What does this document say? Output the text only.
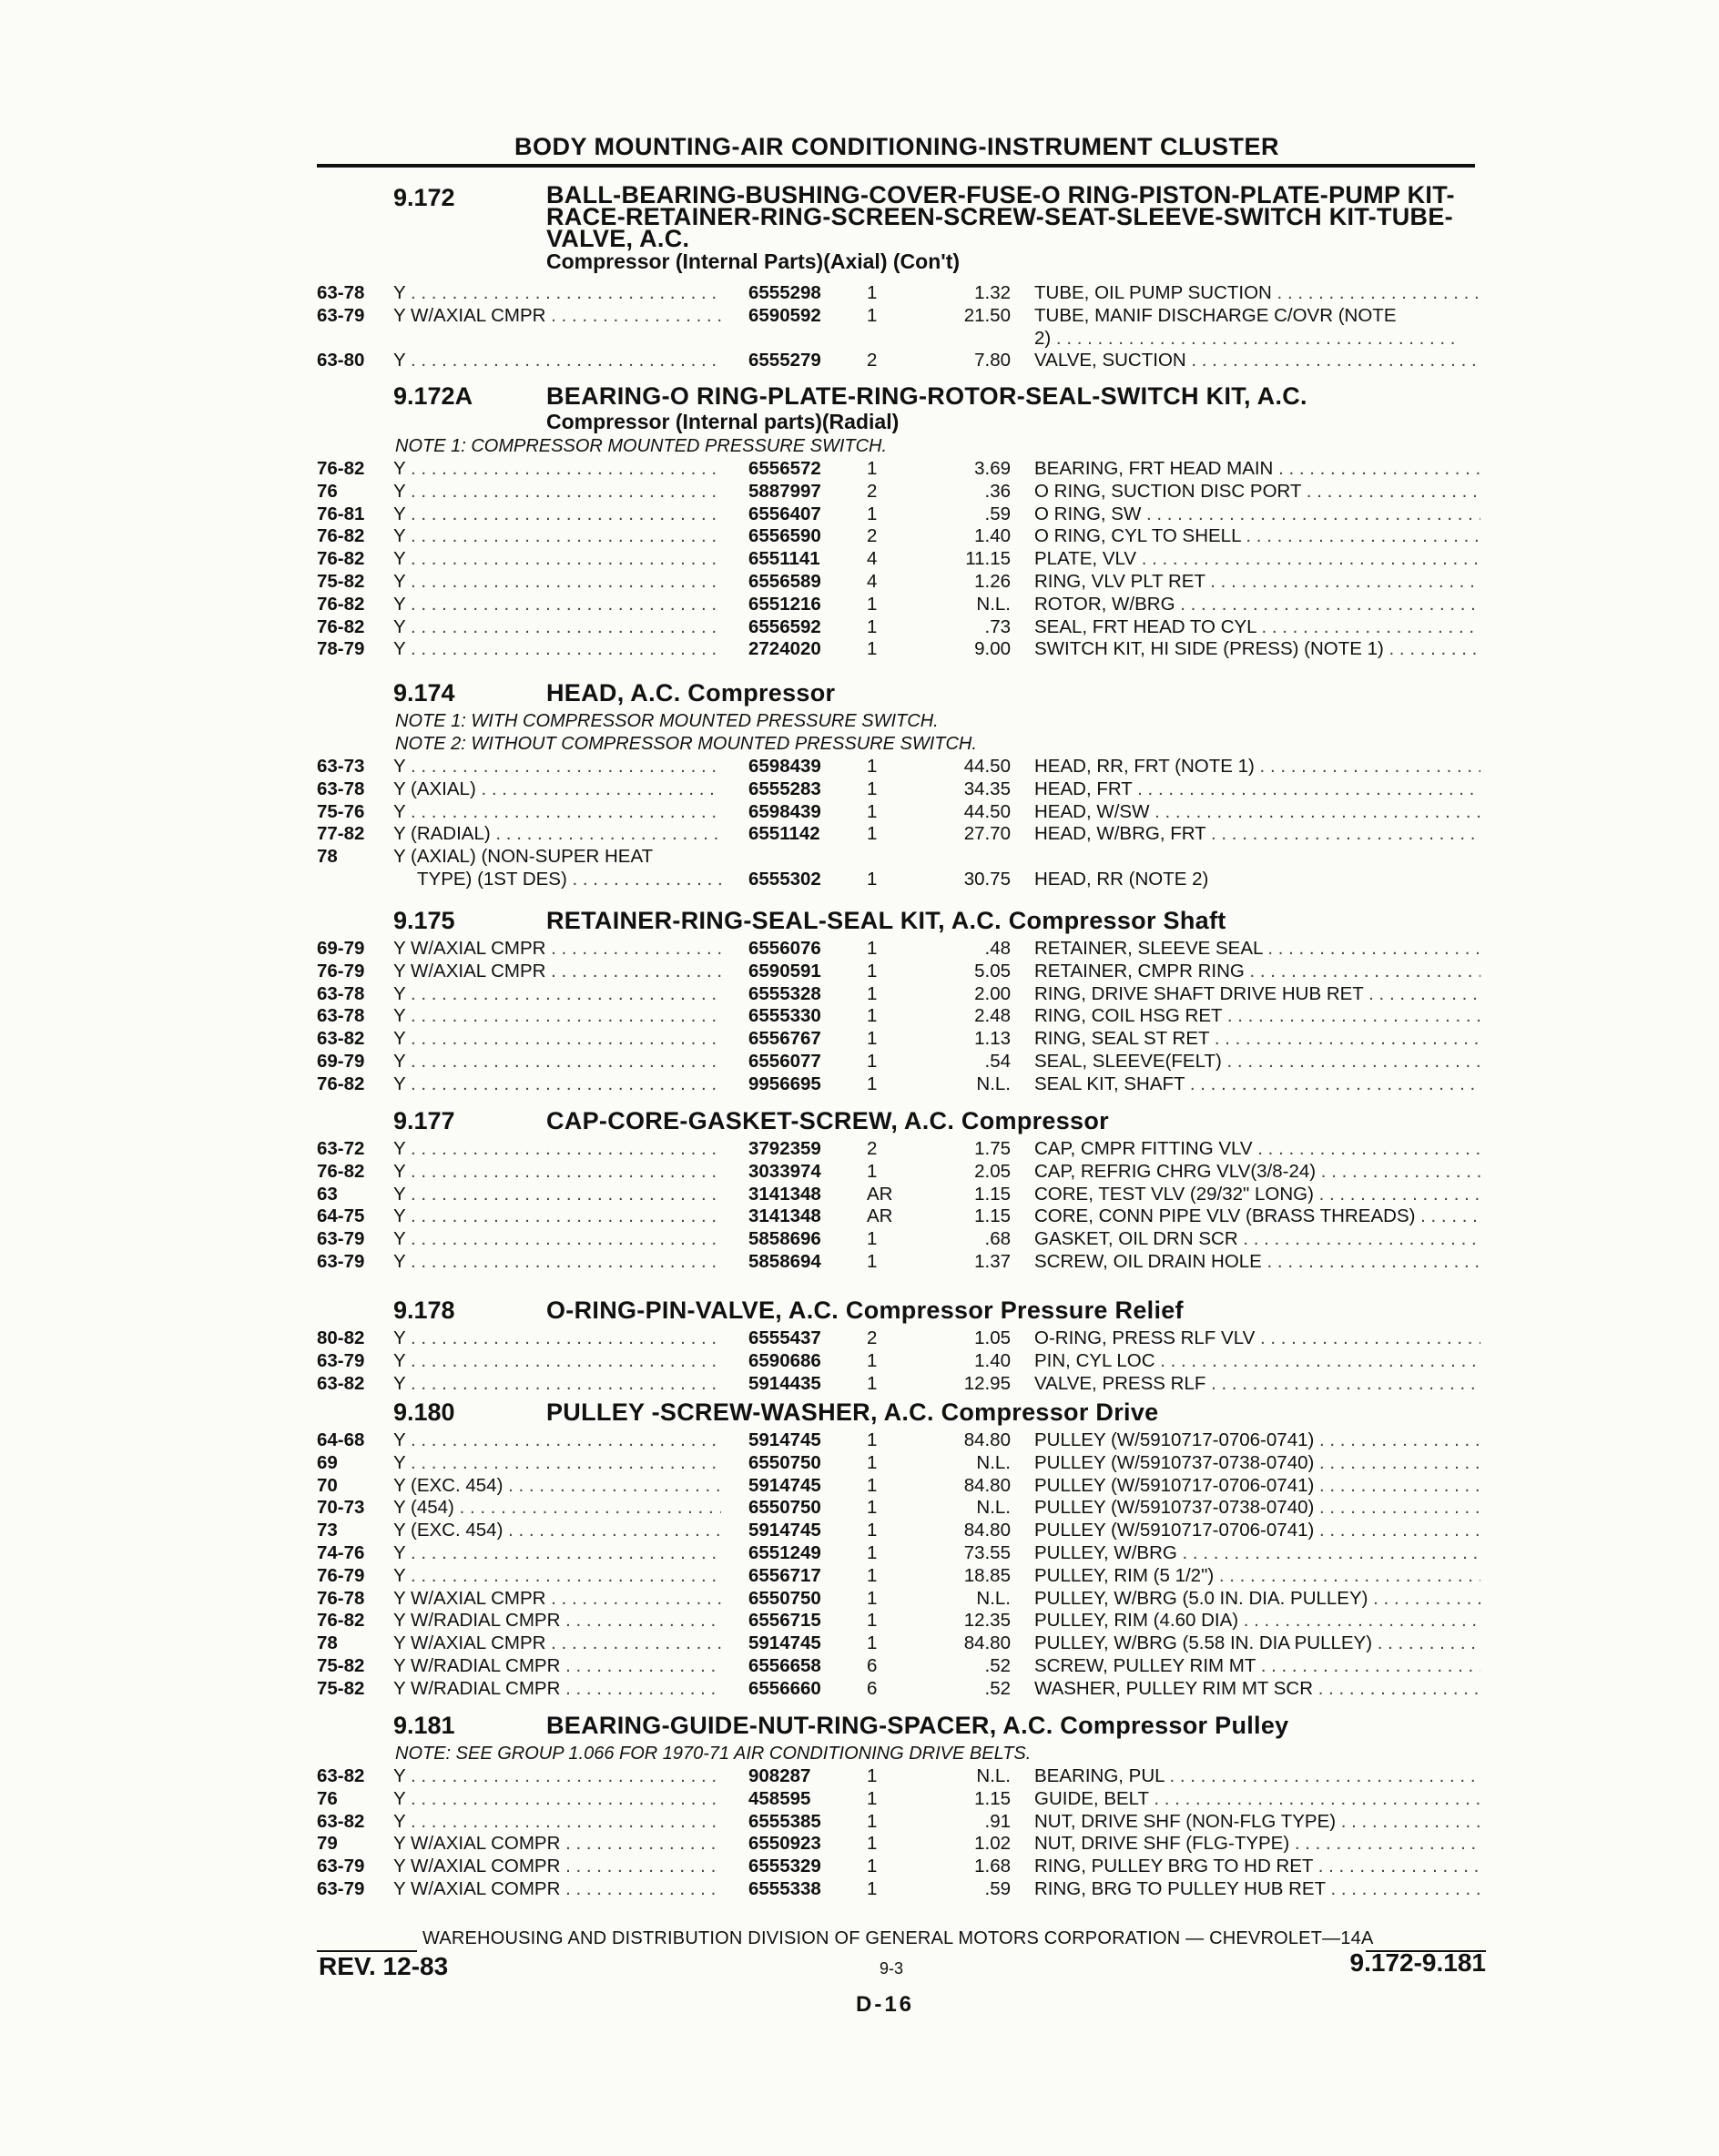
BODY MOUNTING-AIR CONDITIONING-INSTRUMENT CLUSTER
9.172	BALL-BEARING-BUSHING-COVER-FUSE-O RING-PISTON-PLATE-PUMP KIT-RACE-RETAINER-RING-SCREEN-SCREW-SEAT-SLEEVE-SWITCH KIT-TUBE-VALVE, A.C.
Compressor (Internal Parts)(Axial) (Con't)
63-78 Y . . .	6555298 1	1.32 TUBE, OIL PUMP SUCTION . . .
63-79 Y W/AXIAL CMPR . . .	6590592 1	21.50 TUBE, MANIF DISCHARGE C/OVR (NOTE
2) . . .
63-80 Y . . .	6555279 2	7.80 VALVE, SUCTION . . .
9.172A	BEARING-O RING-PLATE-RING-ROTOR-SEAL-SWITCH KIT, A.C.
Compressor (Internal parts)(Radial)
NOTE 1: COMPRESSOR MOUNTED PRESSURE SWITCH.
76-82 Y . . .	6556572 1	3.69 BEARING, FRT HEAD MAIN . . .
76	Y . . .	5887997 2	.36 O RING, SUCTION DISC PORT . . .
76-81 Y . . .	6556407 1	.59 O RING, SW . . .
76-82 Y . . .	6556590 2	1.40 O RING, CYL TO SHELL . . .
76-82 Y . . .	6551141	4	11.15 PLATE, VLV . . .
75-82 Y . . .	6556589 4	1.26 RING, VLV PLT RET . . .
76-82 Y . . .	6551216 1	N.L. ROTOR, W/BRG . . .
76-82 Y . . .	6556592 1	.73 SEAL, FRT HEAD TO CYL . . .
78-79 Y . . .	2724020 1	9.00 SWITCH KIT, HI SIDE (PRESS) (NOTE 1) . . .
9.174	HEAD, A.C. Compressor
NOTE 1: WITH COMPRESSOR MOUNTED PRESSURE SWITCH.
NOTE 2: WITHOUT COMPRESSOR MOUNTED PRESSURE SWITCH.
63-73 Y . . .	6598439 1	44.50 HEAD, RR, FRT (NOTE 1) . . .
63-78 Y (AXIAL) . . .	6555283 1	34.35 HEAD, FRT . . .
75-76 Y . . .	6598439 1	44.50 HEAD, W/SW . . .
77-82 Y (RADIAL) . . .	6551142	1	27.70 HEAD, W/BRG, FRT . . .
78	Y (AXIAL) (NON-SUPER HEAT
TYPE) (1ST DES) . . .	6555302 1	30.75 HEAD, RR (NOTE 2)
9.175	RETAINER-RING-SEAL-SEAL KIT, A.C. Compressor Shaft
69-79 Y W/AXIAL CMPR . . .	6556076 1	.48 RETAINER, SLEEVE SEAL . . .
76-79 Y W/AXIAL CMPR . . .	6590591 1	5.05 RETAINER, CMPR RING . . .
63-78 Y . . .	6555328 1	2.00 RING, DRIVE SHAFT DRIVE HUB RET . . .
63-78 Y . . .	6555330 1	2.48 RING, COIL HSG RET . . .
63-82 Y . . .	6556767 1	1.13 RING, SEAL ST RET . . .
69-79 Y . . .	6556077 1	.54 SEAL, SLEEVE(FELT) . . .
76-82 Y . . .	9956695 1	N.L. SEAL KIT, SHAFT . . .
9.177	CAP-CORE-GASKET-SCREW, A.C. Compressor
63-72 Y . . .	3792359 2	1.75 CAP, CMPR FITTING VLV . . .
76-82 Y . . .	3033974 1	2.05 CAP, REFRIG CHRG VLV(3/8-24) . . .
63	Y . . .	3141348 AR	1.15 CORE, TEST VLV (29/32" LONG) . . .
64-75 Y . . .	3141348 AR	1.15 CORE, CONN PIPE VLV (BRASS THREADS) . . .
63-79 Y . . .	5858696 1	.68 GASKET, OIL DRN SCR . . .
63-79 Y . . .	5858694 1	1.37 SCREW, OIL DRAIN HOLE . . .
9.178	O-RING-PIN-VALVE, A.C. Compressor Pressure Relief
80-82 Y . . .	6555437 2	1.05 O-RING, PRESS RLF VLV . . .
63-79 Y . . .	6590686 1	1.40 PIN, CYL LOC . . .
63-82 Y . . .	5914435 1	12.95 VALVE, PRESS RLF . . .
9.180	PULLEY -SCREW-WASHER, A.C. Compressor Drive
64-68 Y . . .	5914745 1	84.80 PULLEY (W/5910717-0706-0741) . . .
69	Y . . .	6550750 1	N.L. PULLEY (W/5910737-0738-0740) . . .
70	Y (EXC. 454) . . .	5914745 1	84.80 PULLEY (W/5910717-0706-0741) . . .
70-73 Y (454) . . .	6550750 1	N.L. PULLEY (W/5910737-0738-0740) . . .
73	Y (EXC. 454) . . .	5914745 1	84.80 PULLEY (W/5910717-0706-0741) . . .
74-76 Y . . .	6551249 1	73.55 PULLEY, W/BRG . . .
76-79 Y . . .	6556717 1	18.85 PULLEY, RIM (5 1/2") . . .
76-78 Y W/AXIAL CMPR . . .	6550750 1	N.L. PULLEY, W/BRG (5.0 IN. DIA. PULLEY) . . .
76-82 Y W/RADIAL CMPR . . .	6556715 1	12.35 PULLEY, RIM (4.60 DIA) . . .
78	Y W/AXIAL CMPR . . .	5914745 1	84.80 PULLEY, W/BRG (5.58 IN. DIA PULLEY) . . .
75-82 Y W/RADIAL CMPR . . .	6556658 6	.52 SCREW, PULLEY RIM MT . . .
75-82 Y W/RADIAL CMPR . . .	6556660 6	.52 WASHER, PULLEY RIM MT SCR . . .
9.181	BEARING-GUIDE-NUT-RING-SPACER, A.C. Compressor Pulley
NOTE: SEE GROUP 1.066 FOR 1970-71 AIR CONDITIONING DRIVE BELTS.
63-82 Y . . .	908287	1	N.L. BEARING, PUL . . .
76	Y . . .	458595	1	1.15 GUIDE, BELT . . .
63-82 Y . . .	6555385 1	.91 NUT, DRIVE SHF (NON-FLG TYPE) . . .
79	Y W/AXIAL COMPR . . .	6550923 1	1.02 NUT, DRIVE SHF (FLG-TYPE) . . .
63-79 Y W/AXIAL COMPR . . .	6555329 1	1.68 RING, PULLEY BRG TO HD RET . . .
63-79 Y W/AXIAL COMPR . . .	6555338 1	.59 RING, BRG TO PULLEY HUB RET . . .
WAREHOUSING AND DISTRIBUTION DIVISION OF GENERAL MOTORS CORPORATION — CHEVROLET—14A
REV. 12-83	9-3	9.172-9.181
D-16
